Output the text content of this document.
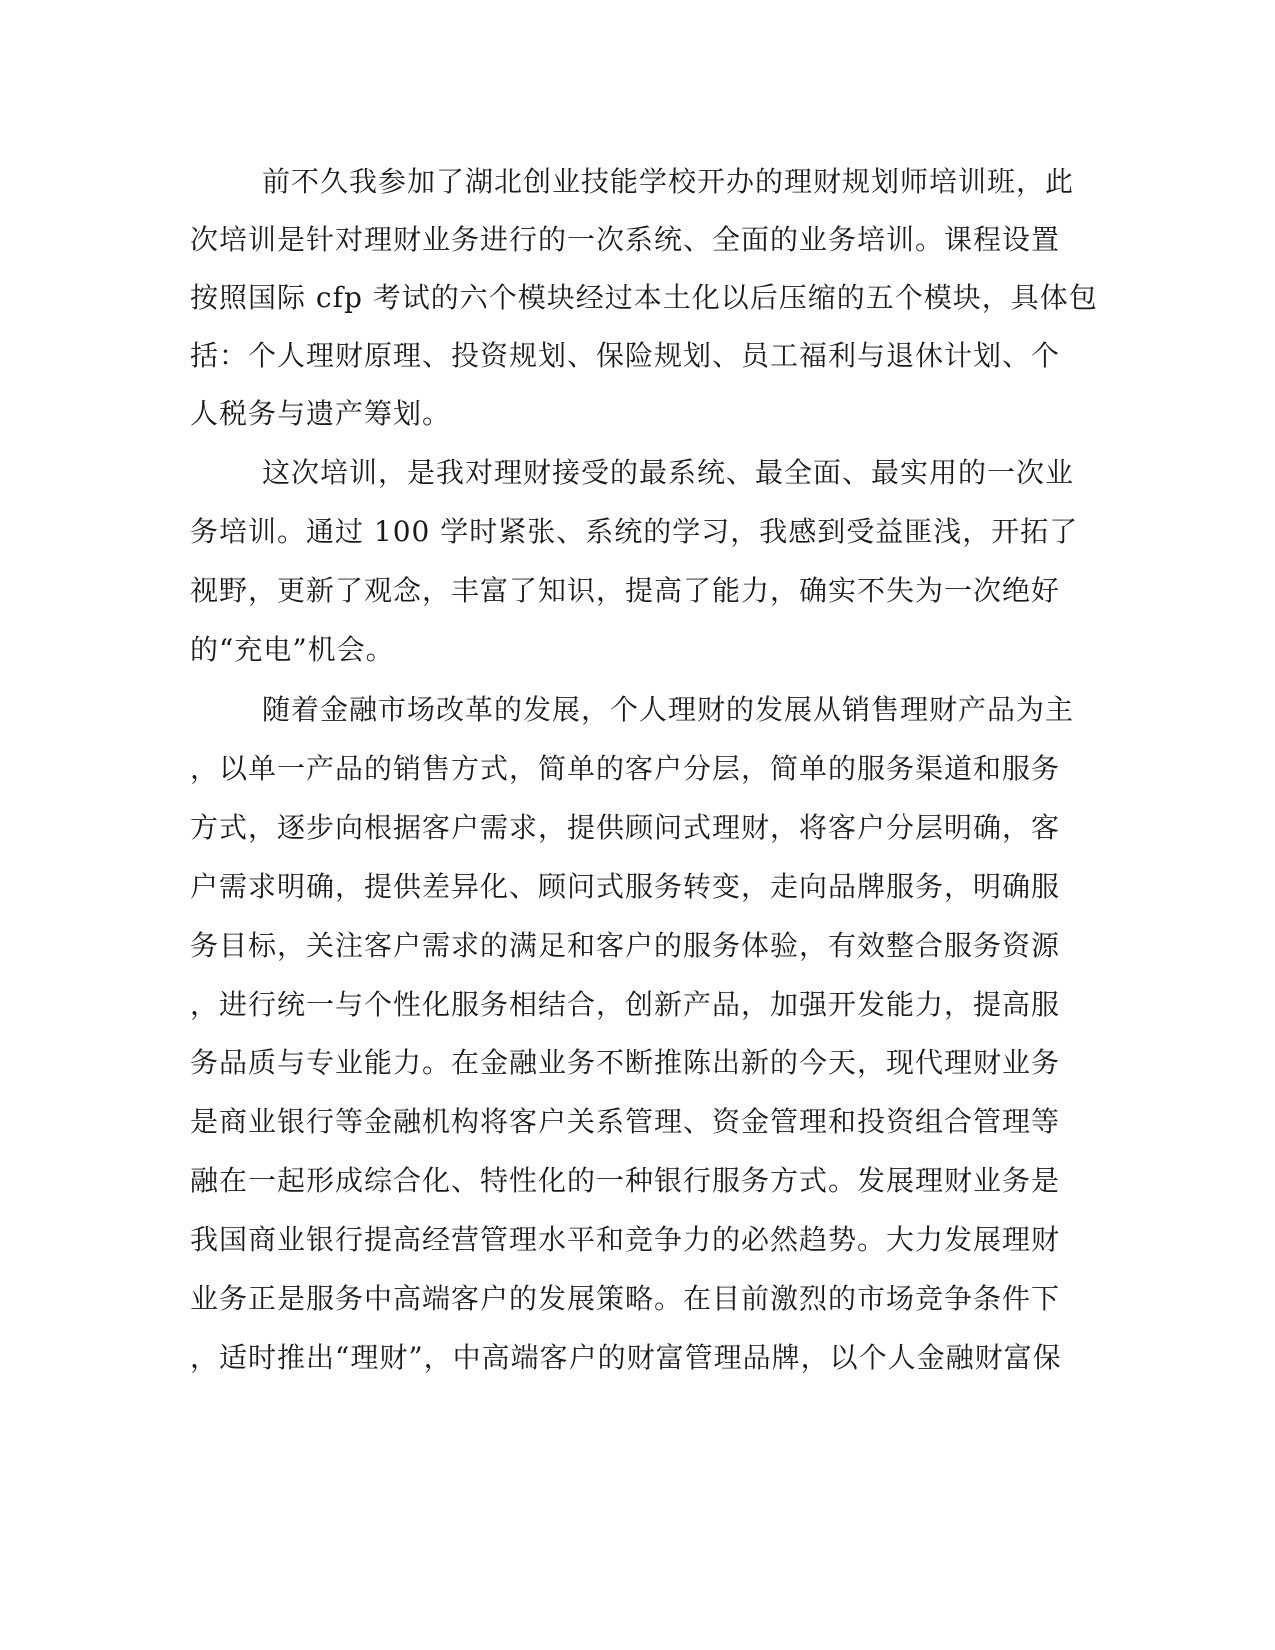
前不久我参加了湖北创业技能学校开办的理财规划师培训班，此
次培训是针对理财业务进行的一次系统、全面的业务培训。课程设置
按照国际 cfp 考试的六个模块经过本土化以后压缩的五个模块，具体包
括：个人理财原理、投资规划、保险规划、员工福利与退休计划、个
人税务与遗产筹划。
这次培训，是我对理财接受的最系统、最全面、最实用的一次业
务培训。通过 100 学时紧张、系统的学习，我感到受益匪浅，开拓了
视野，更新了观念，丰富了知识，提高了能力，确实不失为一次绝好
的“充电”机会。
随着金融市场改革的发展，个人理财的发展从销售理财产品为主
，以单一产品的销售方式，简单的客户分层，简单的服务渠道和服务
方式，逐步向根据客户需求，提供顾问式理财，将客户分层明确，客
户需求明确，提供差异化、顾问式服务转变，走向品牌服务，明确服
务目标，关注客户需求的满足和客户的服务体验，有效整合服务资源
，进行统一与个性化服务相结合，创新产品，加强开发能力，提高服
务品质与专业能力。在金融业务不断推陈出新的今天，现代理财业务
是商业银行等金融机构将客户关系管理、资金管理和投资组合管理等
融在一起形成综合化、特性化的一种银行服务方式。发展理财业务是
我国商业银行提高经营管理水平和竞争力的必然趋势。大力发展理财
业务正是服务中高端客户的发展策略。在目前激烈的市场竞争条件下
，适时推出“理财”，中高端客户的财富管理品牌，以个人金融财富保
